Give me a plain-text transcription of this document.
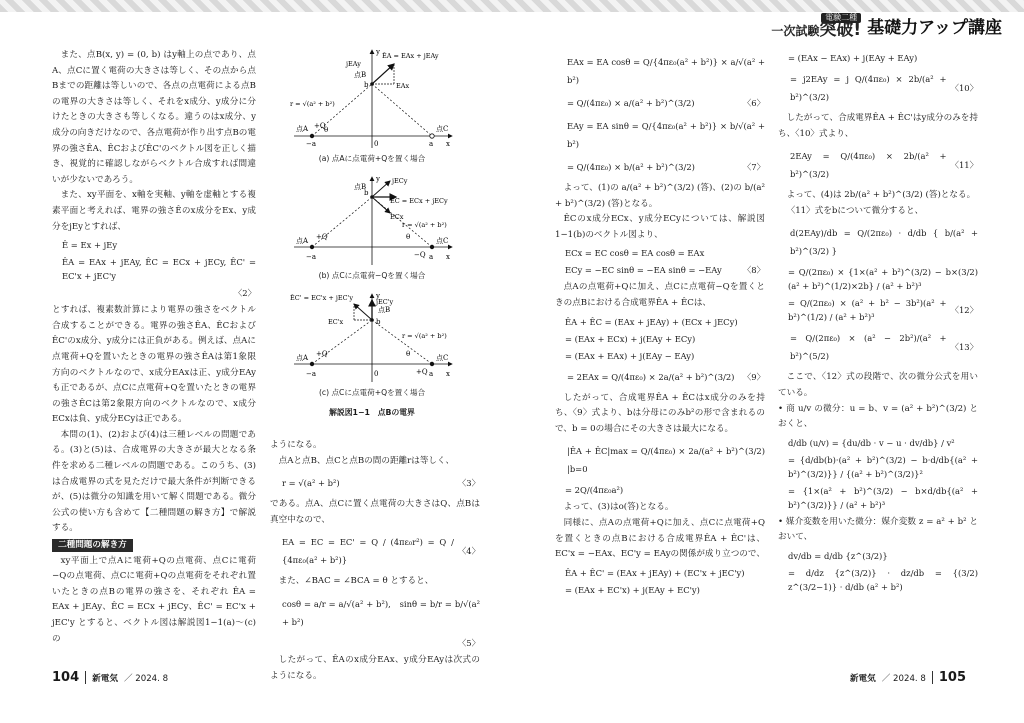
電験二種
一次試験突破! 基礎力アップ講座

また、点B(x, y) = (0, b) はy軸上の点であり、点A、点Cに置く電荷の大きさは等しく、その点から点Bまでの距離は等しいので、各点の点電荷による点Bの電界の大きさは等しく、それをx成分、y成分に分けたときの大きさも等しくなる。違うのはx成分、y成分の向きだけなので、各点電荷が作り出す点Bの電界の強さÊA、ÊCおよびÊC'のベクトル図を正しく描き、視覚的に確認しながらベクトル合成すれば間違いが少ないであろう。

また、xy平面を、x軸を実軸、y軸を虚軸とする複素平面と考えれば、電界の強さÊのx成分をEx、y成分をjEyとすれば、

Ê = Ex + jEy
ÊA = EAx + jEAy, ÊC = ECx + jECy, ÊC' = EC'x + jEC'y
〈2〉

とすれば、複素数計算により電界の強さをベクトル合成することができる。電界の強さÊA、ÊCおよびÊC'のx成分、y成分には正負がある。例えば、点Aに点電荷+Qを置いたときの電界の強さÊAは第1象限方向のベクトルなので、x成分EAxは正、y成分EAyも正であるが、点Cに点電荷+Qを置いたときの電界の強さÊCは第2象限方向のベクトルなので、x成分ECxは負、y成分ECyは正である。

本問の(1)、(2)および(4)は三種レベルの問題である。(3)と(5)は、合成電界の大きさが最大となる条件を求める二種レベルの問題である。このうち、(3)は合成電界の式を見ただけで最大条件が判断できるが、(5)は微分の知識を用いて解く問題である。微分公式の使い方も含めて【二種問題の解き方】で解説する。

二種問題の解き方

xy平面上で点Aに電荷+Qの点電荷、点Cに電荷−Qの点電荷、点Cに電荷+Qの点電荷をそれぞれ置いたときの点Bの電界の強さを、それぞれ ÊA = EAx + jEAy、ÊC = ECx + jECy、ÊC' = EC'x + jEC'y とすると、ベクトル図は解説図1−1(a)〜(c)の

y
x
0
b
−a	a
点A +Q	点C
点B
θ
r = √(a² + b²)
ÊA = EAx + jEAy
jEAy
EAx
(a) 点Aに点電荷+Qを置く場合
y
x
b
−a	a
点A +Q	点C
−Q
点B
θ
r = √(a² + b²)
ÊC = ECx + jECy
jECy
ECx
(b) 点Cに点電荷−Qを置く場合
y
x
0
b
−a	a
点A +Q	点C
+Q
点B
θ
r = √(a² + b²)
ÊC' = EC'x + jEC'y	jEC'y
EC'x
(c) 点Cに点電荷+Qを置く場合
解説図1−1　点Bの電界

ようになる。

点Aと点B、点Cと点Bの間の距離rは等しく、

r = √(a² + b²)	〈3〉

である。点A、点Cに置く点電荷の大きさはQ、点Bは真空中なので、

EA = EC = EC' = Q / (4πε₀r²) = Q / {4πε₀(a² + b²)}
〈4〉

また、∠BAC = ∠BCA = θ とすると、

cosθ = a/r = a/√(a² + b²),　sinθ = b/r = b/√(a² + b²)
〈5〉

したがって、ÊAのx成分EAx、y成分EAyは次式のようになる。

EAx = EA cosθ = Q/{4πε₀(a² + b²)} × a/√(a² + b²)
= Q/(4πε₀) × a/(a² + b²)^(3/2)	〈6〉
EAy = EA sinθ = Q/{4πε₀(a² + b²)} × b/√(a² + b²)
= Q/(4πε₀) × b/(a² + b²)^(3/2)	〈7〉

よって、(1)の a/(a² + b²)^(3/2) (答)、(2)の b/(a² + b²)^(3/2) (答)となる。

ÊCのx成分ECx、y成分ECyについては、解説図1−1(b)のベクトル図より、

ECx = EC cosθ = EA cosθ = EAx
ECy = −EC sinθ = −EA sinθ = −EAy	〈8〉

点Aの点電荷+Qに加え、点Cに点電荷−Qを置くときの点Bにおける合成電界ÊA + ÊCは、

ÊA + ÊC = (EAx + jEAy) + (ECx + jECy)
= (EAx + ECx) + j(EAy + ECy)
= (EAx + EAx) + j(EAy − EAy)
= 2EAx = Q/(4πε₀) × 2a/(a² + b²)^(3/2) 〈9〉

したがって、合成電界ÊA + ÊCはx成分のみを持ち、〈9〉式より、bは分母にのみb²の形で含まれるので、b = 0の場合にその大きさは最大になる。

|ÊA + ÊC|max = Q/(4πε₀) × 2a/(a² + b²)^(3/2) |b=0
= 2Q/(4πε₀a²)

よって、(3)はo(答)となる。

同様に、点Aの点電荷+Qに加え、点Cに点電荷+Qを置くときの点Bにおける合成電界ÊA + ÊC'は、EC'x = −EAx、EC'y = EAyの関係が成り立つので、

ÊA + ÊC' = (EAx + jEAy) + (EC'x + jEC'y)
= (EAx + EC'x) + j(EAy + EC'y)
= (EAx − EAx) + j(EAy + EAy)
= j2EAy = j Q/(4πε₀) × 2b/(a² + b²)^(3/2)
〈10〉

したがって、合成電界ÊA + ÊC'はy成分のみを持ち、〈10〉式より、

2EAy = Q/(4πε₀) × 2b/(a² + b²)^(3/2)
〈11〉

よって、(4)は 2b/(a² + b²)^(3/2) (答)となる。

〈11〉式をbについて微分すると、

d(2EAy)/db = Q/(2πε₀) · d/db { b/(a² + b²)^(3/2) }
= Q/(2πε₀) × {1×(a² + b²)^(3/2) − b×(3/2)(a² + b²)^(1/2)×2b} / (a² + b²)³
= Q/(2πε₀) × (a² + b² − 3b²)(a² + b²)^(1/2) / (a² + b²)³
〈12〉
= Q/(2πε₀) × (a² − 2b²)/(a² + b²)^(5/2)
〈13〉

ここで、〈12〉式の段階で、次の微分公式を用いている。

• 商 u/v の微分：u = b、v = (a² + b²)^(3/2) とおくと、

d/db (u/v) = {du/db · v − u · dv/db} / v²
= {d/db(b)·(a² + b²)^(3/2) − b·d/db{(a² + b²)^(3/2)}} / {(a² + b²)^(3/2)}²
= {1×(a² + b²)^(3/2) − b×d/db{(a² + b²)^(3/2)}} / (a² + b²)³

• 媒介変数を用いた微分：媒介変数 z = a² + b² とおいて、

dv/db = d/db {z^(3/2)}
= d/dz {z^(3/2)} · dz/db = {(3/2) z^(3/2−1)} · d/db (a² + b²)
104 新電気 ／ 2024. 8	新電気 ／ 2024. 8 105
